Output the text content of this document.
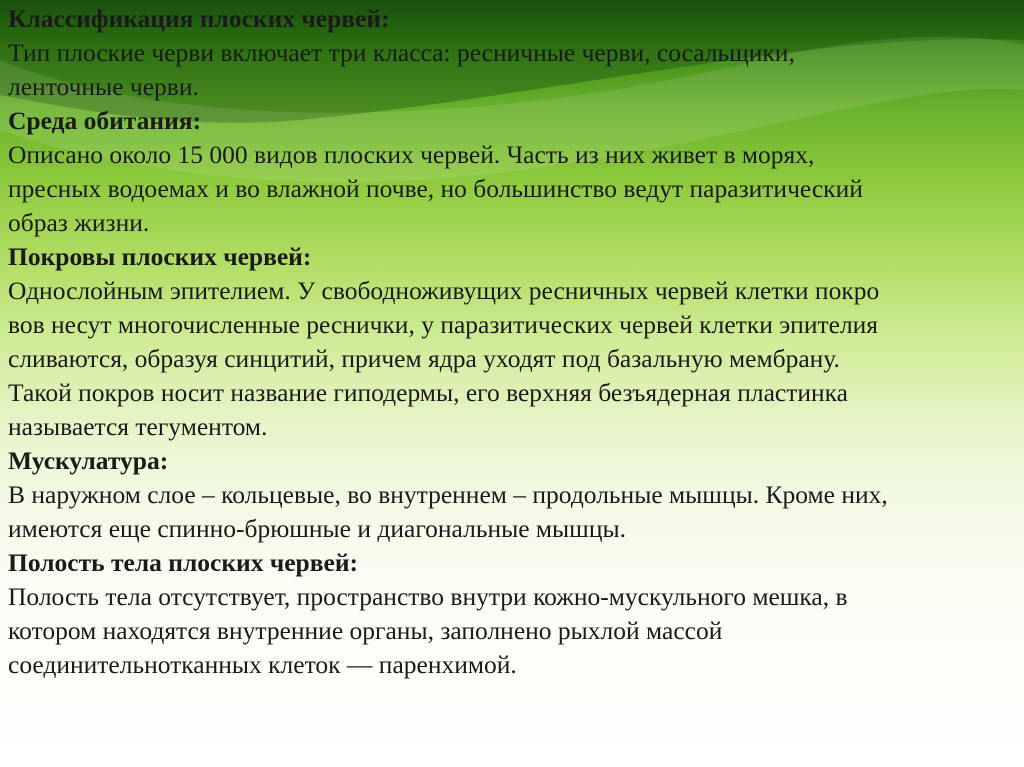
Классификация плоских червей:

Тип плоские черви включает три класса: ресничные черви, сосальщики,

ленточные черви.

Среда обитания:

Описано около 15 000 видов плоских червей. Часть из них живет в морях,

пресных водоемах и во влажной почве, но большинство ведут паразитический

образ жизни.

Покровы плоских червей:

Однослойным эпителием. У свободноживущих ресничных червей клетки покро

вов несут многочисленные реснички, у паразитических червей клетки эпителия

сливаются, образуя синцитий, причем ядра уходят под базальную мембрану.

Такой покров носит название гиподермы, его верхняя безъядерная пластинка

называется тегументом.

Мускулатура:

В наружном слое – кольцевые, во внутреннем – продольные мышцы. Кроме них,

имеются еще спинно-брюшные и диагональные мышцы.

Полость тела плоских червей:

Полость тела отсутствует, пространство внутри кожно-мускульного мешка, в

котором находятся внутренние органы, заполнено рыхлой массой

соединительнотканных клеток — паренхимой.
